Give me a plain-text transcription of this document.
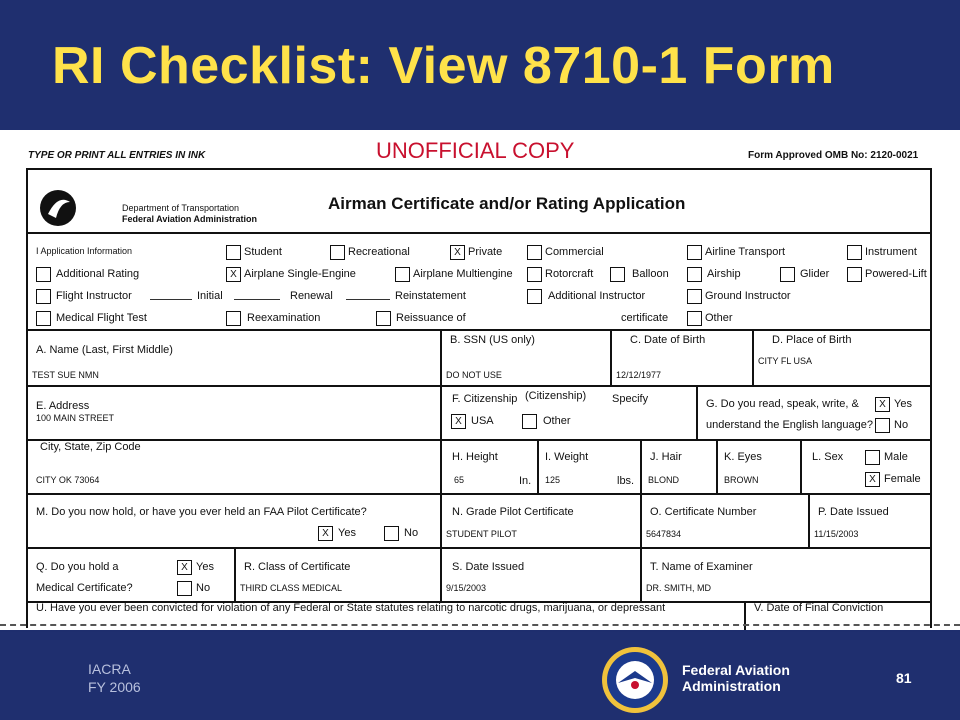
RI Checklist: View 8710-1 Form
TYPE OR PRINT ALL ENTRIES IN INK	UNOFFICIAL COPY	Form Approved OMB No: 2120-0021
Department of Transportation
Federal Aviation Administration
Airman Certificate and/or Rating Application
I Application Information	Student	Recreational	X Private	Commercial	Airline Transport	Instrument
Additional Rating	X Airplane Single-Engine	Airplane Multiengine	Rotorcraft	Balloon	Airship	Glider	Powered-Lift
Flight Instructor	Initial	Renewal	Reinstatement	Additional Instructor	Ground Instructor
Medical Flight Test	Reexamination	Reissuance of	certificate	Other
A. Name (Last, First Middle)
TEST SUE NMN
B. SSN (US only)
DO NOT USE
C. Date of Birth
12/12/1977
D. Place of Birth
CITY FL USA
E. Address
100 MAIN STREET
F. Citizenship (Citizenship) Specify
X USA	Other
G. Do you read, speak, write, &
understand the English language?
X Yes
No
City, State, Zip Code
CITY OK 73064
H. Height
65	In.
I. Weight
125	lbs.
J. Hair
BLOND
K. Eyes
BROWN
L. Sex	Male
X Female
M. Do you now hold, or have you ever held an FAA Pilot Certificate?
X Yes	No
N. Grade Pilot Certificate
STUDENT PILOT
O. Certificate Number
5647834
P. Date Issued
11/15/2003
Q. Do you hold a
Medical Certificate?
X Yes
No
R. Class of Certificate
THIRD CLASS MEDICAL
S. Date Issued
9/15/2003
T. Name of Examiner
DR. SMITH, MD
U. Have you ever been convicted for violation of any Federal or State statutes relating to narcotic drugs, marijuana, or depressant	V. Date of Final Conviction
IACRA
FY 2006
Federal Aviation
Administration	81
